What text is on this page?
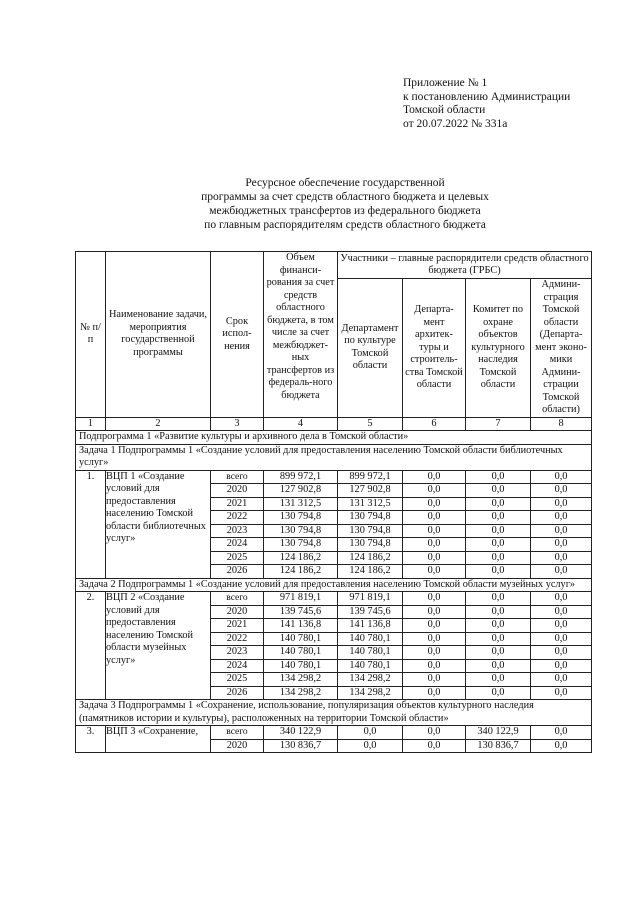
Приложение № 1
к постановлению Администрации
Томской области
от 20.07.2022 № 331а
Ресурсное обеспечение государственной
программы за счет средств областного бюджета и целевых
межбюджетных трансфертов из федерального бюджета
по главным распорядителям средств областного бюджета
№ п/п	Наименование задачи, мероприятия государственной программы	Срок испол-нения	Объем финанси-рования за счет средств областного бюджета, в том числе за счет межбюджет-ных трансфертов из федераль-ного бюджета	Участники – главные распорядители средств областного бюджета (ГРБС)			
				Департамент по культуре Томской области	Департа-мент архитек-туры и строитель-ства Томской области	Комитет по охране объектов культурного наследия Томской области	Админи-страция Томской области (Департа-мент эконо-мики Админи-страции Томской области)
1	2	3	4	5	6	7	8
Подпрограмма 1 «Развитие культуры и архивного дела в Томской области»							
Задача 1 Подпрограммы 1 «Создание условий для предоставления населению Томской области библиотечных услуг»							
1.	ВЦП 1 «Создание условий для предоставления населению Томской области библиотечных услуг»	всего	899 972,1	899 972,1	0,0	0,0	0,0
		2020	127 902,8	127 902,8	0,0	0,0	0,0
		2021	131 312,5	131 312,5	0,0	0,0	0,0
		2022	130 794,8	130 794,8	0,0	0,0	0,0
		2023	130 794,8	130 794,8	0,0	0,0	0,0
		2024	130 794,8	130 794,8	0,0	0,0	0,0
		2025	124 186,2	124 186,2	0,0	0,0	0,0
		2026	124 186,2	124 186,2	0,0	0,0	0,0
Задача 2 Подпрограммы 1 «Создание условий для предоставления населению Томской области музейных услуг»							
2.	ВЦП 2 «Создание условий для предоставления населению Томской области музейных услуг»	всего	971 819,1	971 819,1	0,0	0,0	0,0
		2020	139 745,6	139 745,6	0,0	0,0	0,0
		2021	141 136,8	141 136,8	0,0	0,0	0,0
		2022	140 780,1	140 780,1	0,0	0,0	0,0
		2023	140 780,1	140 780,1	0,0	0,0	0,0
		2024	140 780,1	140 780,1	0,0	0,0	0,0
		2025	134 298,2	134 298,2	0,0	0,0	0,0
		2026	134 298,2	134 298,2	0,0	0,0	0,0
Задача 3 Подпрограммы 1 «Сохранение, использование, популяризация объектов культурного наследия (памятников истории и культуры), расположенных на территории Томской области»							
3.	ВЦП 3 «Сохранение,	всего	340 122,9	0,0	0,0	340 122,9	0,0
		2020	130 836,7	0,0	0,0	130 836,7	0,0
